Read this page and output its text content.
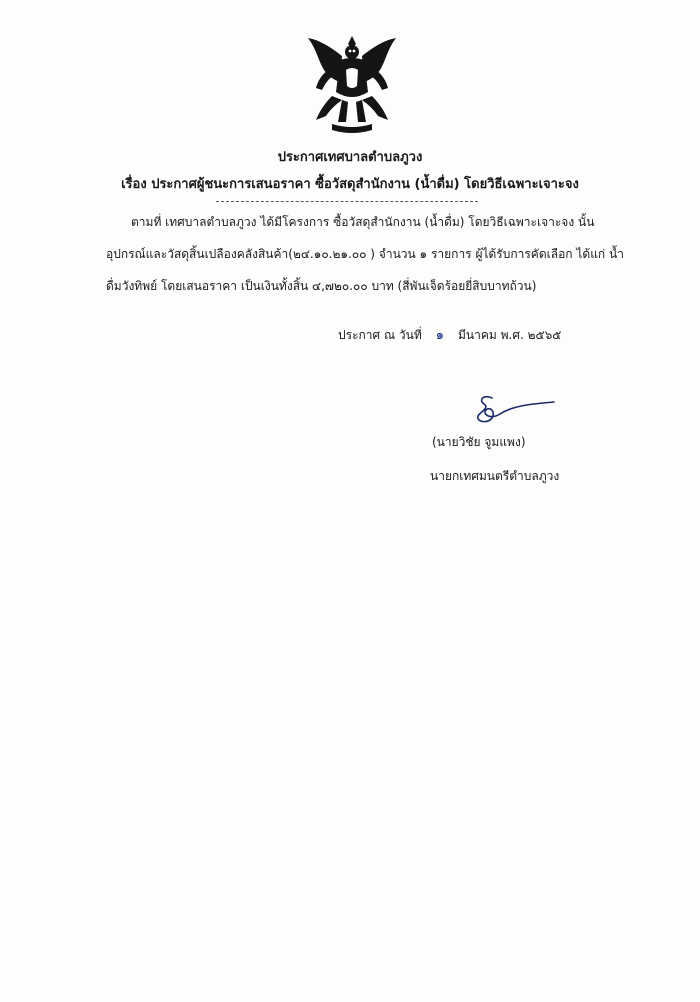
ประกาศเทศบาลตำบลภูวง
เรื่อง ประกาศผู้ชนะการเสนอราคา ซื้อวัสดุสำนักงาน (น้ำดื่ม) โดยวิธีเฉพาะเจาะจง
ตามที่ เทศบาลตำบลภูวง ได้มีโครงการ ซื้อวัสดุสำนักงาน (น้ำดื่ม) โดยวิธีเฉพาะเจาะจง นั้น
อุปกรณ์และวัสดุสิ้นเปลืองคลังสินค้า(๒๔.๑๐.๒๑.๐๐ ) จำนวน ๑ รายการ ผู้ได้รับการคัดเลือก ได้แก่ น้ำ
ดื่มวังทิพย์ โดยเสนอราคา เป็นเงินทั้งสิ้น ๔,๗๒๐.๐๐ บาท (สี่พันเจ็ดร้อยยี่สิบบาทถ้วน)
ประกาศ ณ วันที่ ๑ มีนาคม พ.ศ. ๒๕๖๕
(นายวิชัย จูมแพง)
นายกเทศมนตรีตำบลภูวง
